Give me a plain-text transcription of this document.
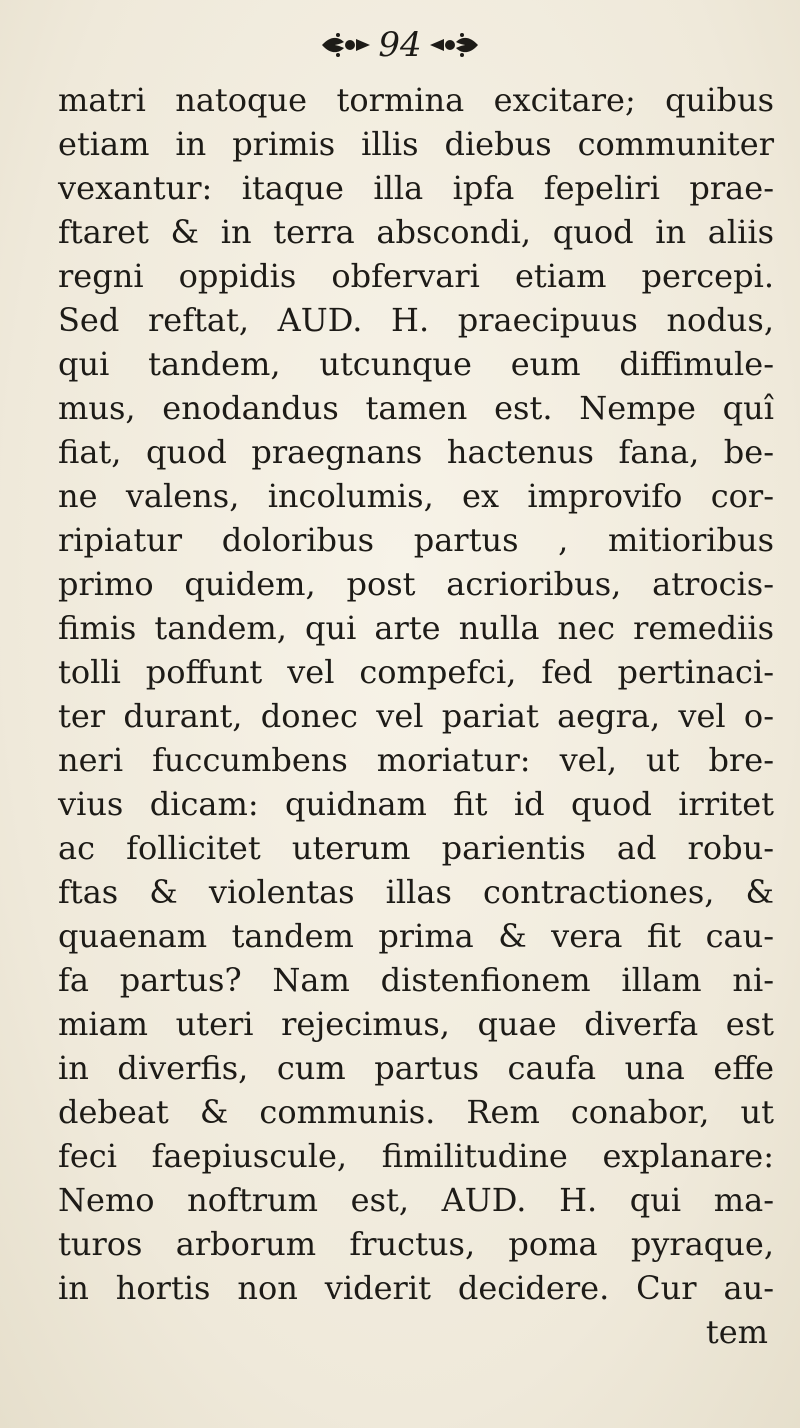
94
matri natoque tormina excitare; quibus
etiam in primis illis diebus communiter
vexantur: itaque illa ipfa fepeliri prae-
ftaret & in terra abscondi, quod in aliis
regni oppidis obfervari etiam percepi.
Sed reftat, AUD. H. praecipuus nodus,
qui tandem, utcunque eum diffimule-
mus, enodandus tamen est. Nempe quî
fiat, quod praegnans hactenus fana, be-
ne valens, incolumis, ex improvifo cor-
ripiatur doloribus partus , mitioribus
primo quidem, post acrioribus, atrocis-
fimis tandem, qui arte nulla nec remediis
tolli poffunt vel compefci, fed pertinaci-
ter durant, donec vel pariat aegra, vel o-
neri fuccumbens moriatur: vel, ut bre-
vius dicam: quidnam fit id quod irritet
ac follicitet uterum parientis ad robu-
ftas & violentas illas contractiones, &
quaenam tandem prima & vera fit cau-
fa partus? Nam distenfionem illam ni-
miam uteri rejecimus, quae diverfa est
in diverfis, cum partus caufa una effe
debeat & communis. Rem conabor, ut
feci faepiuscule, fimilitudine explanare:
Nemo noftrum est, AUD. H. qui ma-
turos arborum fructus, poma pyraque,
in hortis non viderit decidere. Cur au-
tem
